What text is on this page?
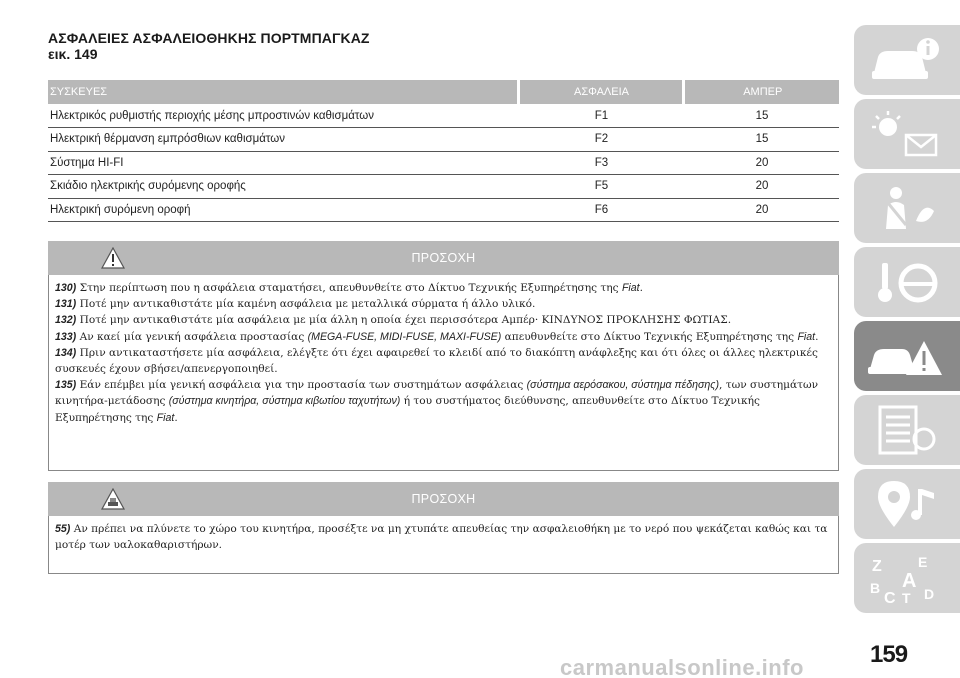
ΑΣΦΑΛΕΙΕΣ ΑΣΦΑΛΕΙΟΘΗΚΗΣ ΠΟΡΤΜΠΑΓΚΑΖ
εικ. 149
ΣΥΣΚΕΥΕΣ	ΑΣΦΑΛΕΙΑ	ΑΜΠΕΡ
Ηλεκτρικός ρυθμιστής περιοχής μέσης μπροστινών καθισμάτων	F1	15
Ηλεκτρική θέρμανση εμπρόσθιων καθισμάτων	F2	15
Σύστημα HI-FI	F3	20
Σκιάδιο ηλεκτρικής συρόμενης οροφής	F5	20
Ηλεκτρική συρόμενη οροφή	F6	20
ΠΡΟΣΟΧΗ

130) Στην περίπτωση που η ασφάλεια σταματήσει, απευθυνθείτε στο Δίκτυο Τεχνικής Εξυπηρέτησης της Fiat.

131) Ποτέ μην αντικαθιστάτε μία καμένη ασφάλεια με μεταλλικά σύρματα ή άλλο υλικό.

132) Ποτέ μην αντικαθιστάτε μία ασφάλεια με μία άλλη η οποία έχει περισσότερα Αμπέρ· ΚΙΝΔΥΝΟΣ ΠΡΟΚΛΗΣΗΣ ΦΩΤΙΑΣ.

133) Αν καεί μία γενική ασφάλεια προστασίας (MEGA-FUSE, MIDI-FUSE, MAXI-FUSE) απευθυνθείτε στο Δίκτυο Τεχνικής Εξυπηρέτησης της Fiat.

134) Πριν αντικαταστήσετε μία ασφάλεια, ελέγξτε ότι έχει αφαιρεθεί το κλειδί από το διακόπτη ανάφλεξης και ότι όλες οι άλλες ηλεκτρικές συσκευές έχουν σβήσει/απενεργοποιηθεί.

135) Εάν επέμβει μία γενική ασφάλεια για την προστασία των συστημάτων ασφάλειας (σύστημα αερόσακου, σύστημα πέδησης), των συστημάτων κινητήρα-μετάδοσης (σύστημα κινητήρα, σύστημα κιβωτίου ταχυτήτων) ή του συστήματος διεύθυνσης, απευθυνθείτε στο Δίκτυο Τεχνικής Εξυπηρέτησης της Fiat.

ΠΡΟΣΟΧΗ

55) Αν πρέπει να πλύνετε το χώρο του κινητήρα, προσέξτε να μη χτυπάτε απευθείας την ασφαλειοθήκη με το νερό που ψεκάζεται καθώς και τα μοτέρ των υαλοκαθαριστήρων.

Z	E
A
B
C T D
carmanualsonline.info	159
